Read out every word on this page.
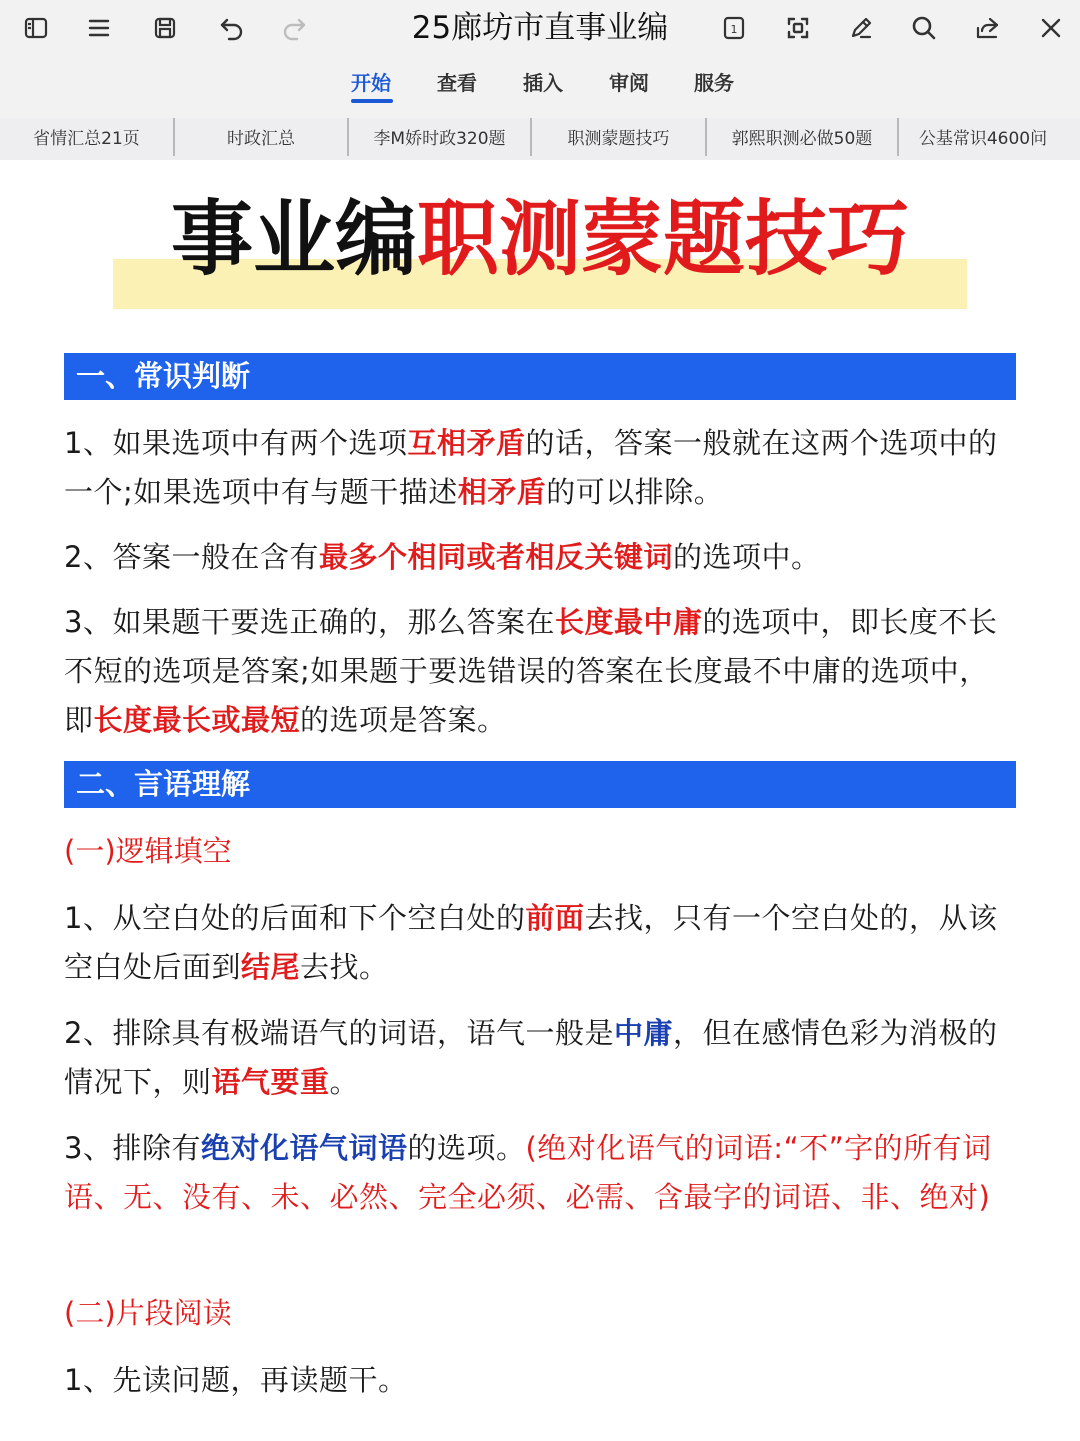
25廊坊市直事业编	1
开始 查看 插入 审阅 服务
省情汇总21页	时政汇总	李M娇时政320题	职测蒙题技巧	郭熙职测必做50题	公基常识4600问
事业编职测蒙题技巧
一、常识判断
1、如果选项中有两个选项互相矛盾的话，答案一般就在这两个选项中的一个;如果选项中有与题干描述相矛盾的可以排除。
2、答案一般在含有最多个相同或者相反关键词的选项中。
3、如果题干要选正确的，那么答案在长度最中庸的选项中，即长度不长不短的选项是答案;如果题于要选错误的答案在长度最不中庸的选项中，即长度最长或最短的选项是答案。
二、言语理解
(一)逻辑填空
1、从空白处的后面和下个空白处的前面去找，只有一个空白处的，从该空白处后面到结尾去找。
2、排除具有极端语气的词语，语气一般是中庸，但在感情色彩为消极的情况下，则语气要重。
3、排除有绝对化语气词语的选项。(绝对化语气的词语:“不”字的所有词语、无、没有、未、必然、完全必须、必需、含最字的词语、非、绝对)
(二)片段阅读
1、先读问题，再读题干。
